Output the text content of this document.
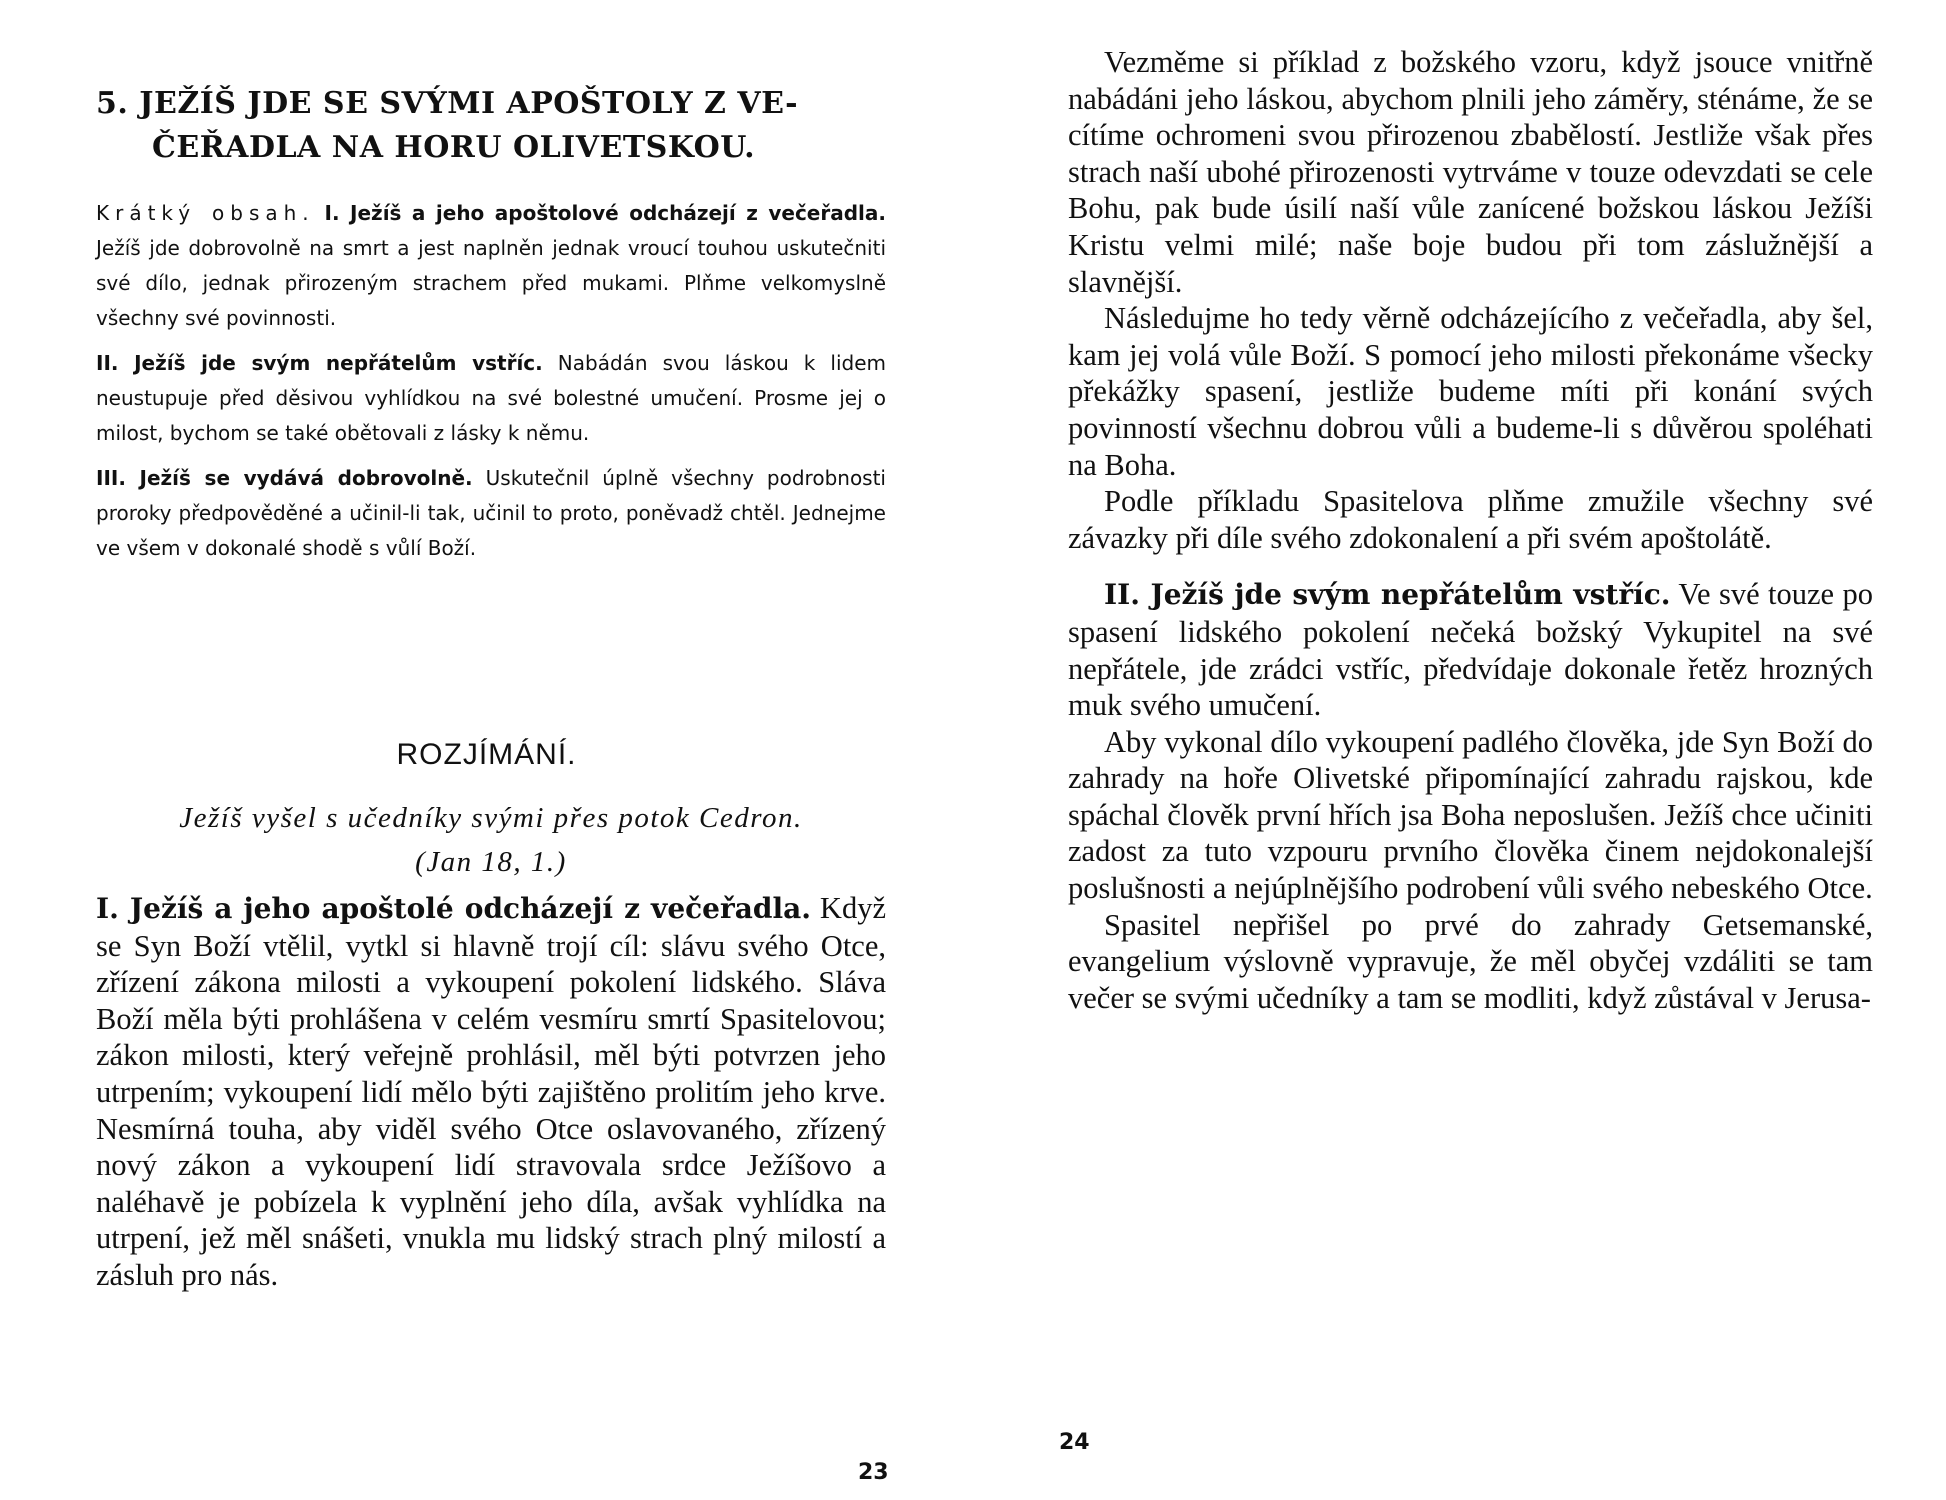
5. JEŽÍŠ JDE SE SVÝMI APOŠTOLY Z VE-
ČEŘADLA NA HORU OLIVETSKOU.

Krátký obsah. I. Ježíš a jeho apoštolové odcházejí z večeřadla. Ježíš jde dobrovolně na smrt a jest naplněn jednak vroucí touhou uskutečniti své dílo, jednak přirozeným strachem před mukami. Plňme velkomyslně všechny své povinnosti.

II. Ježíš jde svým nepřátelům vstříc. Nabádán svou láskou k lidem neustupuje před děsivou vyhlídkou na své bolestné umučení. Prosme jej o milost, bychom se také obětovali z lásky k němu.

III. Ježíš se vydává dobrovolně. Uskutečnil úplně všechny podrobnosti proroky předpověděné a učinil-li tak, učinil to proto, poněvadž chtěl. Jednejme ve všem v dokonalé shodě s vůlí Boží.

ROZJÍMÁNÍ.
Ježíš vyšel s učedníky svými přes potok Cedron.
(Jan 18, 1.)

I. Ježíš a jeho apoštolé odcházejí z večeřadla. Když se Syn Boží vtělil, vytkl si hlavně trojí cíl: slávu svého Otce, zřízení zákona milosti a vykoupení pokolení lidského. Sláva Boží měla býti prohlášena v celém vesmíru smrtí Spasitelovou; zákon milosti, který veřejně prohlásil, měl býti potvrzen jeho utrpením; vykoupení lidí mělo býti zajištěno prolitím jeho krve. Nesmírná touha, aby viděl svého Otce oslavovaného, zřízený nový zákon a vykoupení lidí stravovala srdce Ježíšovo a naléhavě je pobízela k vyplnění jeho díla, avšak vyhlídka na utrpení, jež měl snášeti, vnukla mu lidský strach plný milostí a zásluh pro nás.

23

Vezměme si příklad z božského vzoru, když jsouce vnitřně nabádáni jeho láskou, abychom plnili jeho záměry, sténáme, že se cítíme ochromeni svou přirozenou zbabělostí. Jestliže však přes strach naší ubohé přirozenosti vytrváme v touze odevzdati se cele Bohu, pak bude úsilí naší vůle zanícené božskou láskou Ježíši Kristu velmi milé; naše boje budou při tom záslužnější a slavnější.

Následujme ho tedy věrně odcházejícího z večeřadla, aby šel, kam jej volá vůle Boží. S pomocí jeho milosti překonáme všecky překážky spasení, jestliže budeme míti při konání svých povinností všechnu dobrou vůli a budeme-li s důvěrou spoléhati na Boha.

Podle příkladu Spasitelova plňme zmužile všechny své závazky při díle svého zdokonalení a při svém apoštolátě.

II. Ježíš jde svým nepřátelům vstříc. Ve své touze po spasení lidského pokolení nečeká božský Vykupitel na své nepřátele, jde zrádci vstříc, předvídaje dokonale řetěz hrozných muk svého umučení.

Aby vykonal dílo vykoupení padlého člověka, jde Syn Boží do zahrady na hoře Olivetské připomínající zahradu rajskou, kde spáchal člověk první hřích jsa Boha neposlušen. Ježíš chce učiniti zadost za tuto vzpouru prvního člověka činem nejdokonalejší poslušnosti a nejúplnějšího podrobení vůli svého nebeského Otce.

Spasitel nepřišel po prvé do zahrady Getsemanské, evangelium výslovně vypravuje, že měl obyčej vzdáliti se tam večer se svými učedníky a tam se modliti, když zůstával v Jerusa-

24
